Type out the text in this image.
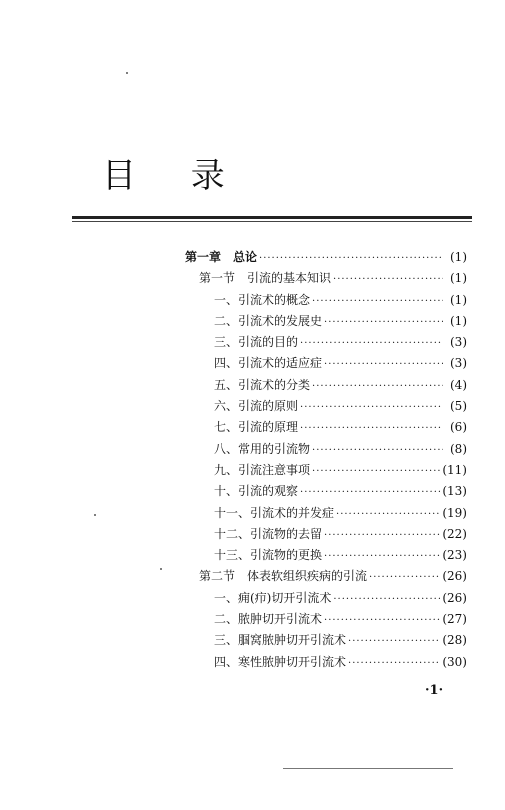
目 录
第一章　总论 ·····	(1)
第一节　引流的基本知识 ·····	(1)
一、引流术的概念 ·····	(1)
二、引流术的发展史 ·····	(1)
三、引流的目的 ·····	(3)
四、引流术的适应症 ·····	(3)
五、引流术的分类 ·····	(4)
六、引流的原则 ·····	(5)
七、引流的原理 ·····	(6)
八、常用的引流物 ·····	(8)
九、引流注意事项 ·····	(11)
十、引流的观察 ·····	(13)
十一、引流术的并发症 ·····	(19)
十二、引流物的去留 ·····	(22)
十三、引流物的更换 ·····	(23)
第二节　体表软组织疾病的引流 ·····	(26)
一、痈(疖)切开引流术 ·····	(26)
二、脓肿切开引流术 ·····	(27)
三、腘窝脓肿切开引流术 ·····	(28)
四、寒性脓肿切开引流术 ·····	(30)
·1·
